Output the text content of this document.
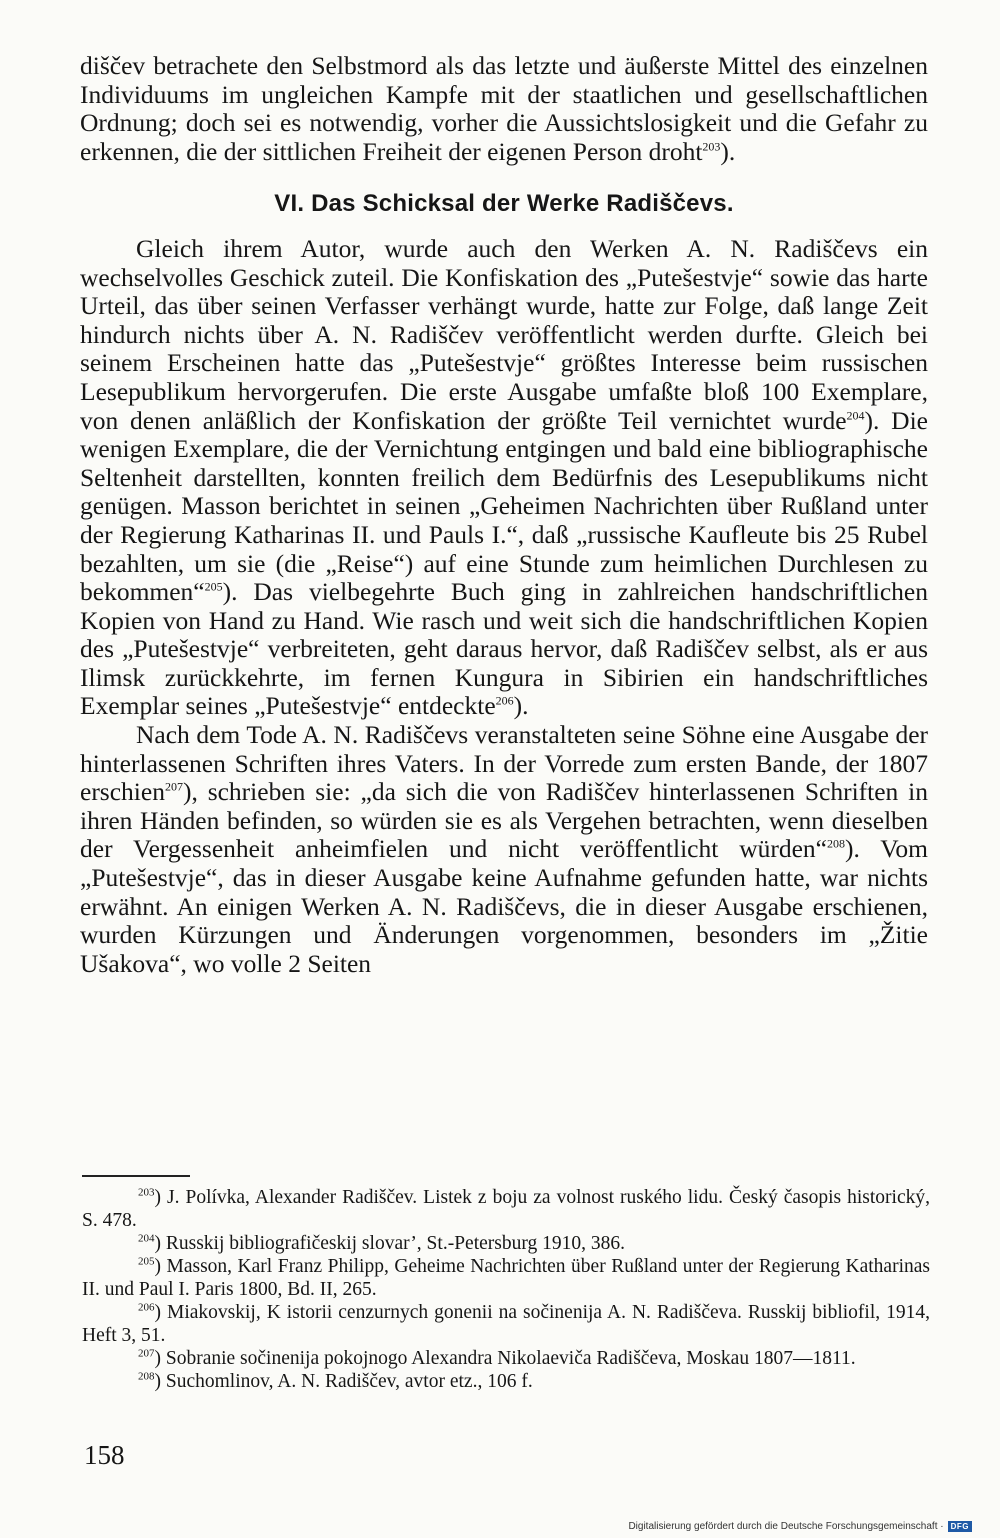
diščev betrachete den Selbstmord als das letzte und äußerste Mittel des einzelnen Individuums im ungleichen Kampfe mit der staatlichen und gesellschaftlichen Ordnung; doch sei es notwendig, vorher die Aussichtslosigkeit und die Gefahr zu erkennen, die der sittlichen Freiheit der eigenen Person droht$^{203}$).

VI. Das Schicksal der Werke Radiščevs.

Gleich ihrem Autor, wurde auch den Werken A. N. Radiščevs ein wechselvolles Geschick zuteil. Die Konfiskation des „Putešestvje“ sowie das harte Urteil, das über seinen Verfasser verhängt wurde, hatte zur Folge, daß lange Zeit hindurch nichts über A. N. Radiščev veröffentlicht werden durfte. Gleich bei seinem Erscheinen hatte das „Putešestvje“ größtes Interesse beim russischen Lesepublikum hervorgerufen. Die erste Ausgabe umfaßte bloß 100 Exemplare, von denen anläßlich der Konfiskation der größte Teil vernichtet wurde$^{204}$). Die wenigen Exemplare, die der Vernichtung entgingen und bald eine bibliographische Seltenheit darstellten, konnten freilich dem Bedürfnis des Lesepublikums nicht genügen. Masson berichtet in seinen „Geheimen Nachrichten über Rußland unter der Regierung Katharinas II. und Pauls I.“, daß „russische Kaufleute bis 25 Rubel bezahlten, um sie (die „Reise“) auf eine Stunde zum heimlichen Durchlesen zu bekommen“$^{205}$). Das vielbegehrte Buch ging in zahlreichen handschriftlichen Kopien von Hand zu Hand. Wie rasch und weit sich die handschriftlichen Kopien des „Putešestvje“ verbreiteten, geht daraus hervor, daß Radiščev selbst, als er aus Ilimsk zurückkehrte, im fernen Kungura in Sibirien ein handschriftliches Exemplar seines „Putešestvje“ entdeckte$^{206}$).

Nach dem Tode A. N. Radiščevs veranstalteten seine Söhne eine Ausgabe der hinterlassenen Schriften ihres Vaters. In der Vorrede zum ersten Bande, der 1807 erschien$^{207}$), schrieben sie: „da sich die von Radiščev hinterlassenen Schriften in ihren Händen befinden, so würden sie es als Vergehen betrachten, wenn dieselben der Vergessenheit anheimfielen und nicht veröffentlicht würden“$^{208}$). Vom „Putešestvje“, das in dieser Ausgabe keine Aufnahme gefunden hatte, war nichts erwähnt. An einigen Werken A. N. Radiščevs, die in dieser Ausgabe erschienen, wurden Kürzungen und Änderungen vorgenommen, besonders im „Žitie Ušakova“, wo volle 2 Seiten

$^{203}$) J. Polívka, Alexander Radiščev. Listek z boju za volnost ruského lidu. Český časopis historický, S. 478.

$^{204}$) Russkij bibliografičeskij slovar’, St.-Petersburg 1910, 386.

$^{205}$) Masson, Karl Franz Philipp, Geheime Nachrichten über Rußland unter der Regierung Katharinas II. und Paul I. Paris 1800, Bd. II, 265.

$^{206}$) Miakovskij, K istorii cenzurnych gonenii na sočinenija A. N. Radiščeva. Russkij bibliofil, 1914, Heft 3, 51.

$^{207}$) Sobranie sočinenija pokojnogo Alexandra Nikolaeviča Radiščeva, Moskau 1807—1811.

$^{208}$) Suchomlinov, A. N. Radiščev, avtor etz., 106 f.

158
Digitalisierung gefördert durch die Deutsche Forschungsgemeinschaft · DFG
